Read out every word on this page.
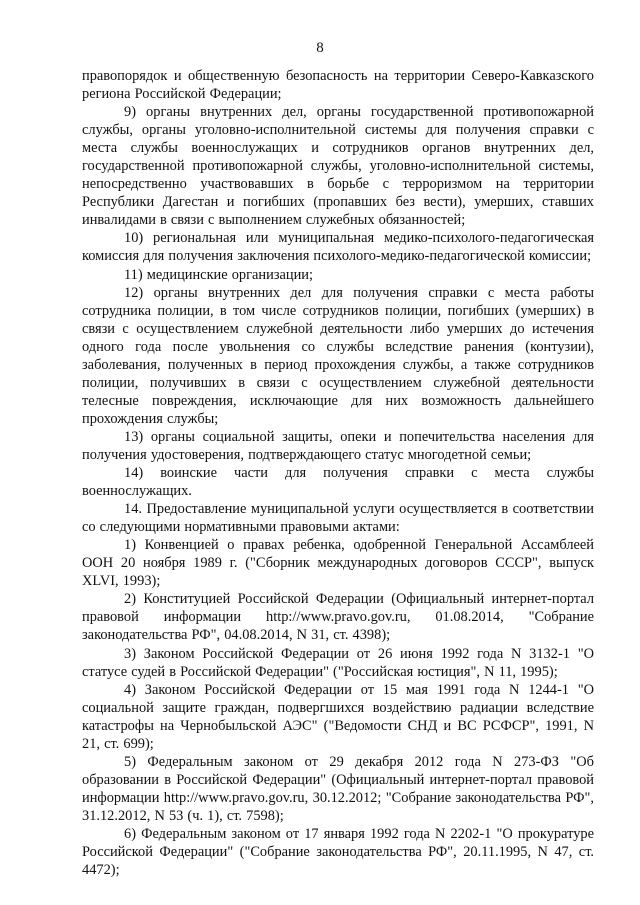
8

правопорядок и общественную безопасность на территории Северо-Кавказского региона Российской Федерации;

9) органы внутренних дел, органы государственной противопожарной службы, органы уголовно-исполнительной системы для получения справки с места службы военнослужащих и сотрудников органов внутренних дел, государственной противопожарной службы, уголовно-исполнительной системы, непосредственно участвовавших в борьбе с терроризмом на территории Республики Дагестан и погибших (пропавших без вести), умерших, ставших инвалидами в связи с выполнением служебных обязанностей;

10) региональная или муниципальная медико-психолого-педагогическая комиссия для получения заключения психолого-медико-педагогической комиссии;

11) медицинские организации;

12) органы внутренних дел для получения справки с места работы сотрудника полиции, в том числе сотрудников полиции, погибших (умерших) в связи с осуществлением служебной деятельности либо умерших до истечения одного года после увольнения со службы вследствие ранения (контузии), заболевания, полученных в период прохождения службы, а также сотрудников полиции, получивших в связи с осуществлением служебной деятельности телесные повреждения, исключающие для них возможность дальнейшего прохождения службы;

13) органы социальной защиты, опеки и попечительства населения для получения удостоверения, подтверждающего статус многодетной семьи;

14) воинские части для получения справки с места службы военнослужащих.

14. Предоставление муниципальной услуги осуществляется в соответствии со следующими нормативными правовыми актами:

1) Конвенцией о правах ребенка, одобренной Генеральной Ассамблеей ООН 20 ноября 1989 г. ("Сборник международных договоров СССР", выпуск XLVI, 1993);

2) Конституцией Российской Федерации (Официальный интернет-портал правовой информации http://www.pravo.gov.ru, 01.08.2014, "Собрание законодательства РФ", 04.08.2014, N 31, ст. 4398);

3) Законом Российской Федерации от 26 июня 1992 года N 3132-1 "О статусе судей в Российской Федерации" ("Российская юстиция", N 11, 1995);

4) Законом Российской Федерации от 15 мая 1991 года N 1244-1 "О социальной защите граждан, подвергшихся воздействию радиации вследствие катастрофы на Чернобыльской АЭС" ("Ведомости СНД и ВС РСФСР", 1991, N 21, ст. 699);

5) Федеральным законом от 29 декабря 2012 года N 273-ФЗ "Об образовании в Российской Федерации" (Официальный интернет-портал правовой информации http://www.pravo.gov.ru, 30.12.2012; "Собрание законодательства РФ", 31.12.2012, N 53 (ч. 1), ст. 7598);

6) Федеральным законом от 17 января 1992 года N 2202-1 "О прокуратуре Российской Федерации" ("Собрание законодательства РФ", 20.11.1995, N 47, ст. 4472);
